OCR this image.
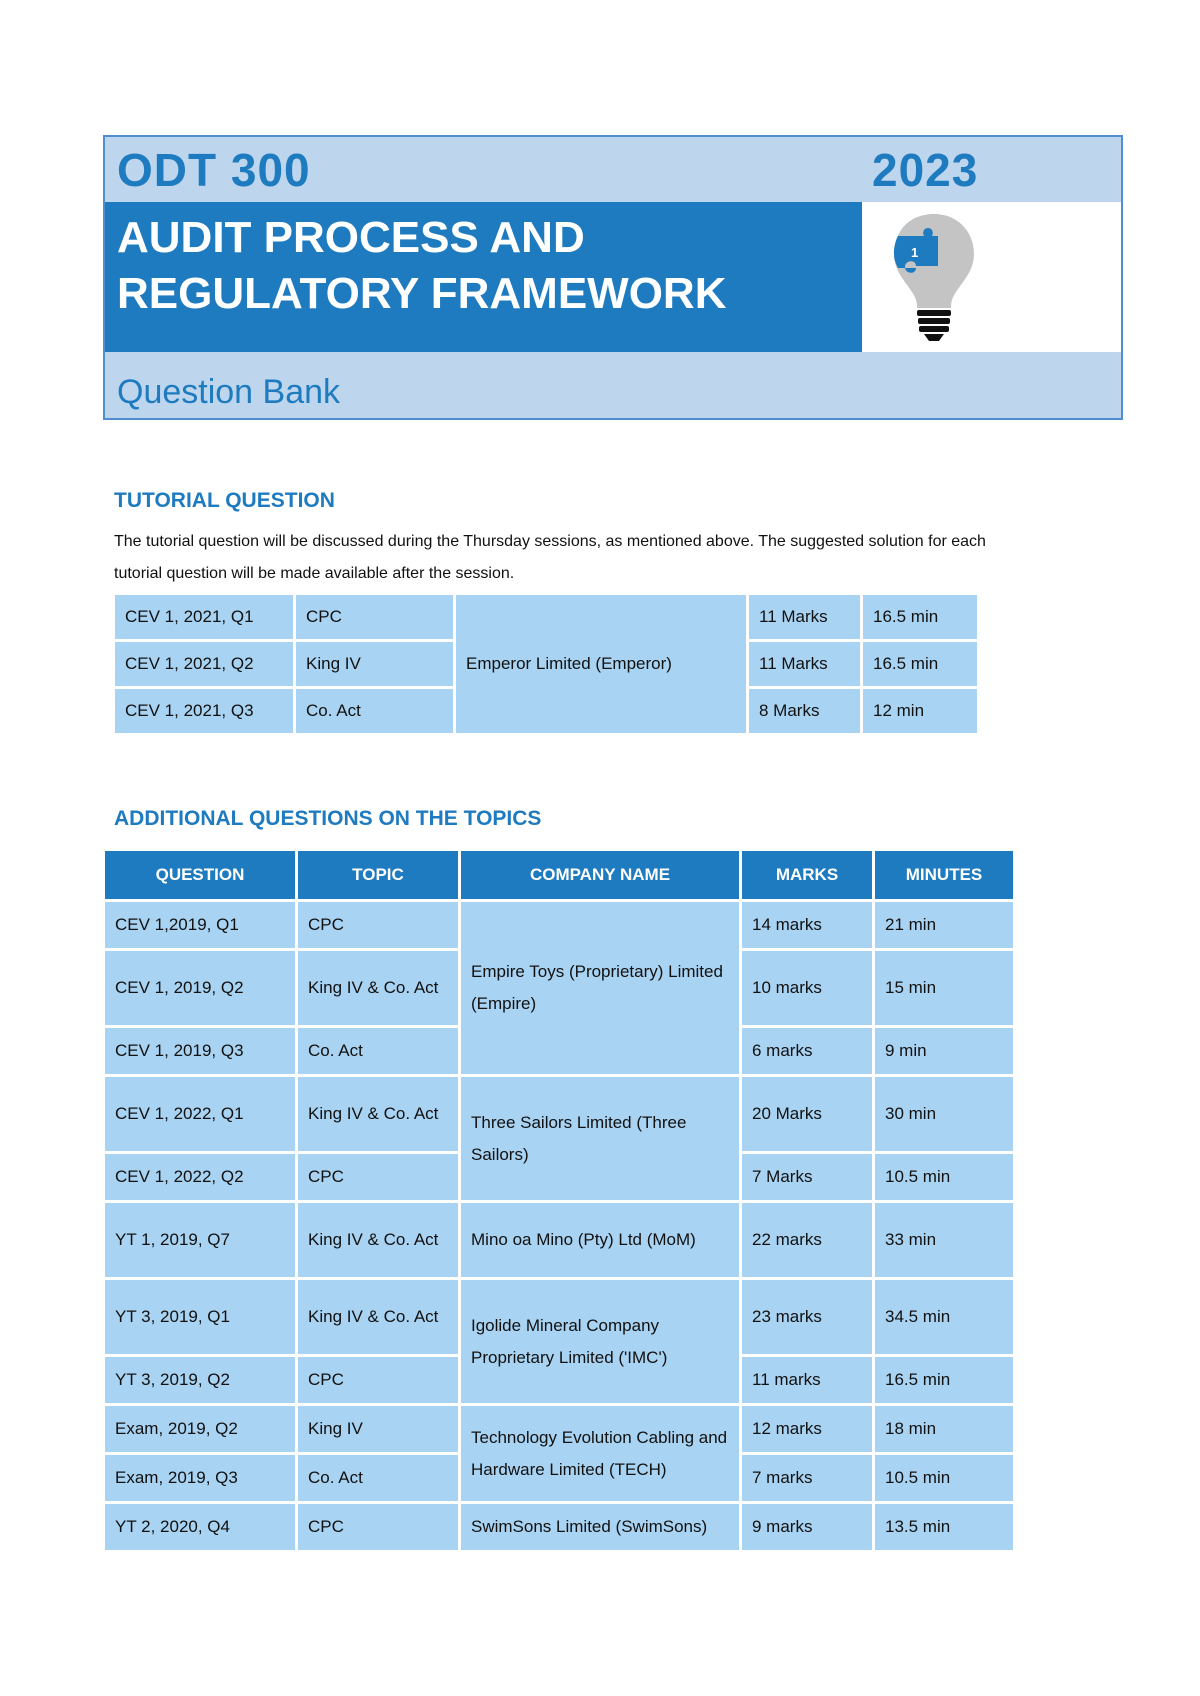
ODT 300	2023
AUDIT PROCESS AND
REGULATORY FRAMEWORK
1
Question Bank
TUTORIAL QUESTION
The tutorial question will be discussed during the Thursday sessions, as mentioned above. The suggested solution for each tutorial question will be made available after the session.
CEV 1, 2021, Q1	CPC	Emperor Limited (Emperor)	11 Marks	16.5 min
CEV 1, 2021, Q2	King IV		11 Marks	16.5 min
CEV 1, 2021, Q3	Co. Act		8 Marks	12 min
ADDITIONAL QUESTIONS ON THE TOPICS
QUESTION	TOPIC	COMPANY NAME	MARKS	MINUTES
CEV 1,2019, Q1	CPC	Empire Toys (Proprietary) Limited (Empire)	14 marks	21 min
CEV 1, 2019, Q2	King IV & Co. Act		10 marks	15 min
CEV 1, 2019, Q3	Co. Act		6 marks	9 min
CEV 1, 2022, Q1	King IV & Co. Act	Three Sailors Limited (Three Sailors)	20 Marks	30 min
CEV 1, 2022, Q2	CPC		7 Marks	10.5 min
YT 1, 2019, Q7	King IV & Co. Act	Mino oa Mino (Pty) Ltd (MoM)	22 marks	33 min
YT 3, 2019, Q1	King IV & Co. Act	Igolide Mineral Company Proprietary Limited ('IMC')	23 marks	34.5 min
YT 3, 2019, Q2	CPC		11 marks	16.5 min
Exam, 2019, Q2	King IV	Technology Evolution Cabling and Hardware Limited (TECH)	12 marks	18 min
Exam, 2019, Q3	Co. Act		7 marks	10.5 min
YT 2, 2020, Q4	CPC	SwimSons Limited (SwimSons)	9 marks	13.5 min
